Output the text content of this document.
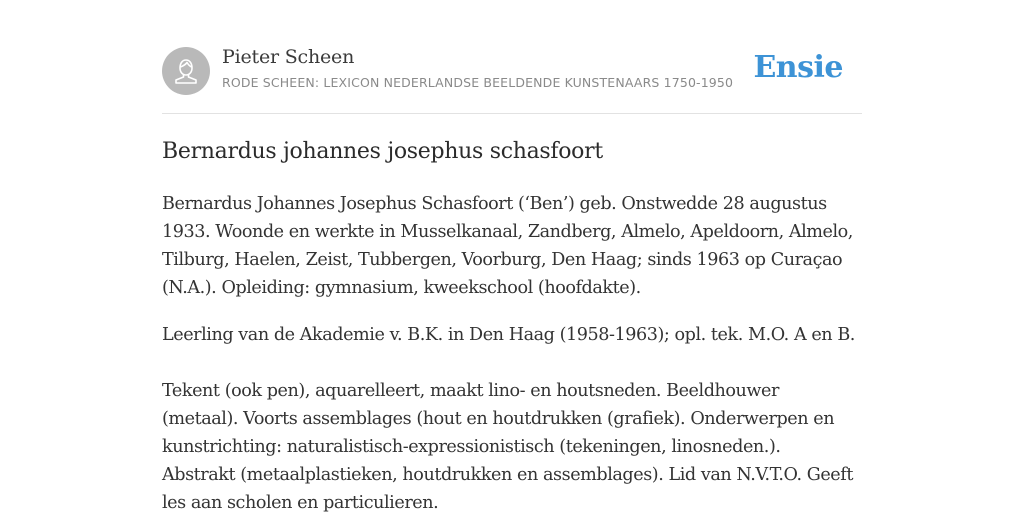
Pieter Scheen
RODE SCHEEN: LEXICON NEDERLANDSE BEELDENDE KUNSTENAARS 1750-1950 Ensie
Bernardus johannes josephus schasfoort

Bernardus Johannes Josephus Schasfoort (‘Ben’) geb. Onstwedde 28 augustus
1933. Woonde en werkte in Musselkanaal, Zandberg, Almelo, Apeldoorn, Almelo,
Tilburg, Haelen, Zeist, Tubbergen, Voorburg, Den Haag; sinds 1963 op Curaçao
(N.A.). Opleiding: gymnasium, kweekschool (hoofdakte).

Leerling van de Akademie v. B.K. in Den Haag (1958-1963); opl. tek. M.O. A en B.

Tekent (ook pen), aquarelleert, maakt lino- en houtsneden. Beeldhouwer
(metaal). Voorts assemblages (hout en houtdrukken (grafiek). Onderwerpen en
kunstrichting: naturalistisch-expressionistisch (tekeningen, linosneden.).
Abstrakt (metaalplastieken, houtdrukken en assemblages). Lid van N.V.T.O. Geeft
les aan scholen en particulieren.
